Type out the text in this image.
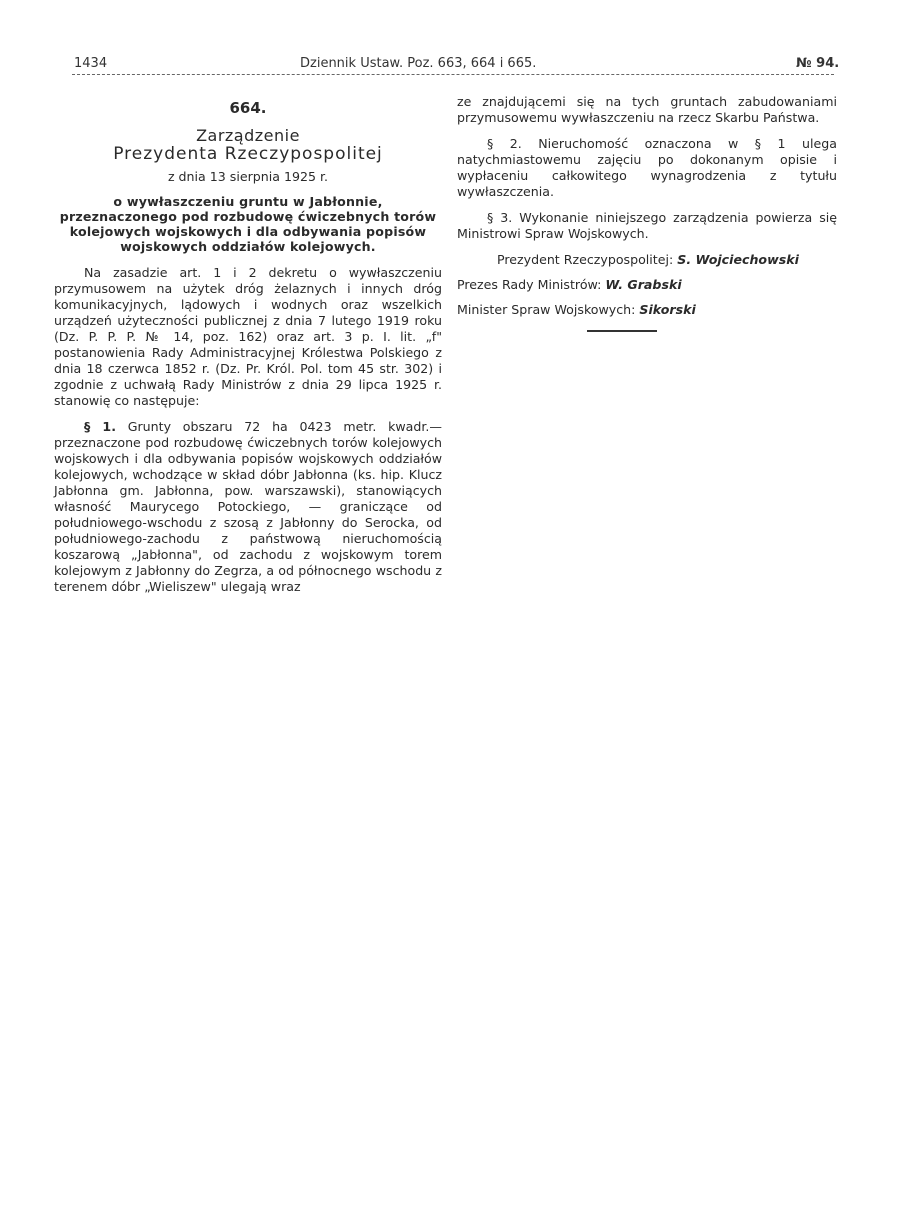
1434	Dziennik Ustaw. Poz. 663, 664 i 665.	№ 94.
664.
Zarządzenie
Prezydenta Rzeczypospolitej
z dnia 13 sierpnia 1925 r.
o wywłaszczeniu gruntu w Jabłonnie, przeznaczonego pod rozbudowę ćwiczebnych torów kolejowych wojskowych i dla odbywania popisów wojskowych oddziałów kolejowych.

Na zasadzie art. 1 i 2 dekretu o wywłaszczeniu przymusowem na użytek dróg żelaznych i innych dróg komunikacyjnych, lądowych i wodnych oraz wszelkich urządzeń użyteczności publicznej z dnia 7 lutego 1919 roku (Dz. P. P. P. № 14, poz. 162) oraz art. 3 p. I. lit. „f" postanowienia Rady Administracyjnej Królestwa Polskiego z dnia 18 czerwca 1852 r. (Dz. Pr. Król. Pol. tom 45 str. 302) i zgodnie z uchwałą Rady Ministrów z dnia 29 lipca 1925 r. stanowię co następuje:

§ 1. Grunty obszaru 72 ha 0423 metr. kwadr.— przeznaczone pod rozbudowę ćwiczebnych torów kolejowych wojskowych i dla odbywania popisów wojskowych oddziałów kolejowych, wchodzące w skład dóbr Jabłonna (ks. hip. Klucz Jabłonna gm. Jabłonna, pow. warszawski), stanowiących własność Maurycego Potockiego, — graniczące od południowego-wschodu z szosą z Jabłonny do Serocka, od południowego-zachodu z państwową nieruchomością koszarową „Jabłonna", od zachodu z wojskowym torem kolejowym z Jabłonny do Zegrza, a od północnego wschodu z terenem dóbr „Wieliszew" ulegają wraz

ze znajdującemi się na tych gruntach zabudowaniami przymusowemu wywłaszczeniu na rzecz Skarbu Państwa.

§ 2. Nieruchomość oznaczona w § 1 ulega natychmiastowemu zajęciu po dokonanym opisie i wypłaceniu całkowitego wynagrodzenia z tytułu wywłaszczenia.

§ 3. Wykonanie niniejszego zarządzenia powierza się Ministrowi Spraw Wojskowych.

Prezydent Rzeczypospolitej: S. Wojciechowski
Prezes Rady Ministrów: W. Grabski
Minister Spraw Wojskowych: Sikorski
